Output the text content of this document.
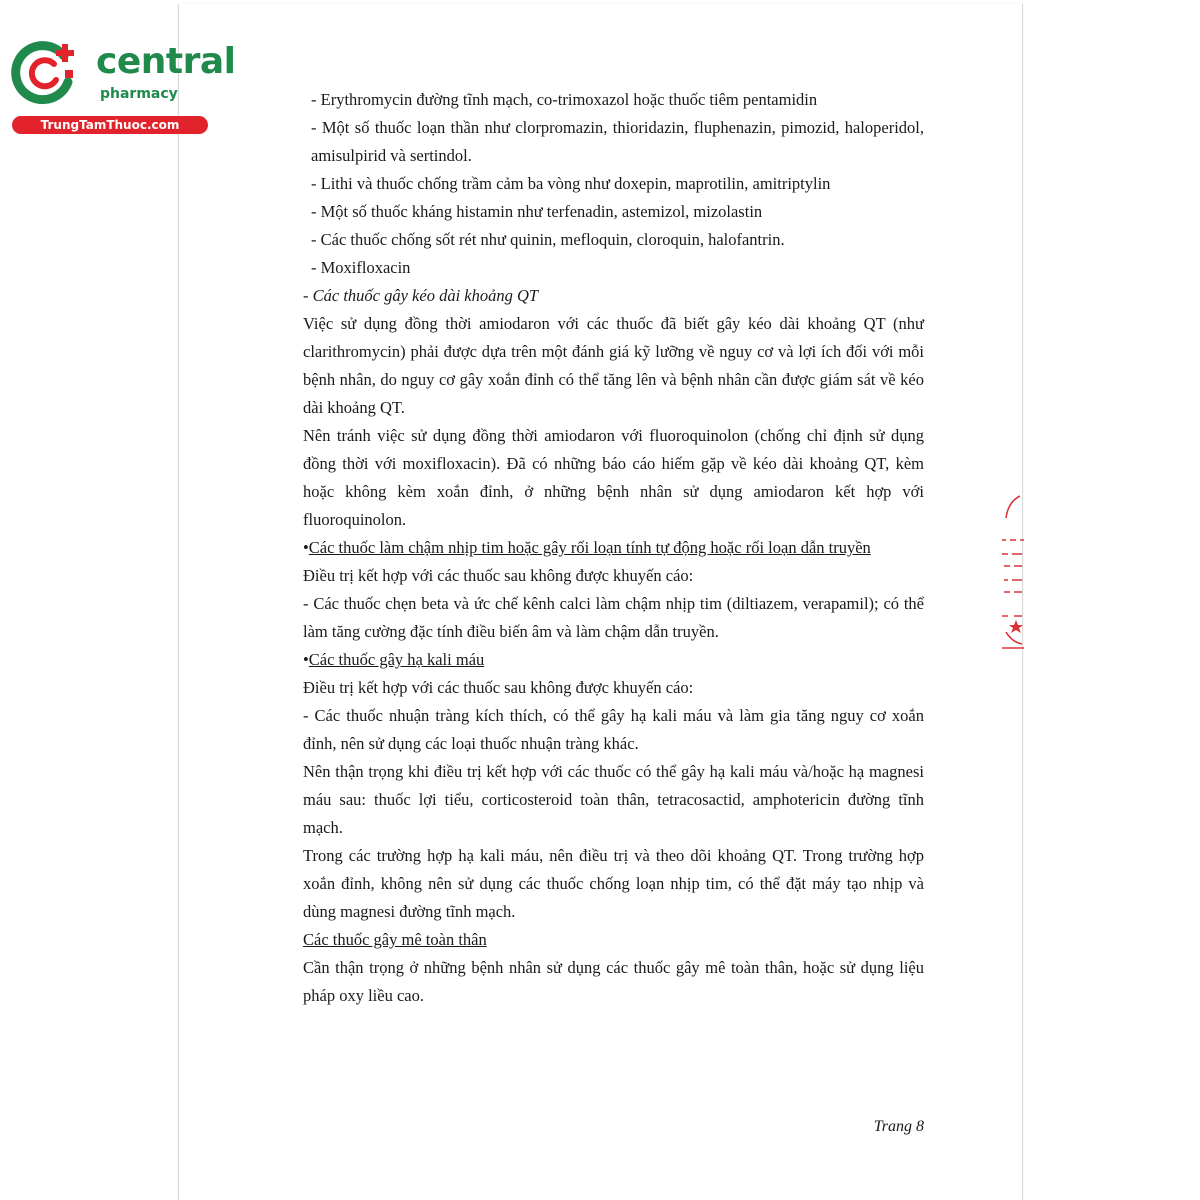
central
pharmacy
TrungTamThuoc.com

- Erythromycin đường tĩnh mạch, co-trimoxazol hoặc thuốc tiêm pentamidin

- Một số thuốc loạn thần như clorpromazin, thioridazin, fluphenazin, pimozid, haloperidol, amisulpirid và sertindol.

- Lithi và thuốc chống trầm cảm ba vòng như doxepin, maprotilin, amitriptylin

- Một số thuốc kháng histamin như terfenadin, astemizol, mizolastin

- Các thuốc chống sốt rét như quinin, mefloquin, cloroquin, halofantrin.

- Moxifloxacin

- Các thuốc gây kéo dài khoảng QT

Việc sử dụng đồng thời amiodaron với các thuốc đã biết gây kéo dài khoảng QT (như clarithromycin) phải được dựa trên một đánh giá kỹ lưỡng về nguy cơ và lợi ích đối với mỗi bệnh nhân, do nguy cơ gây xoắn đỉnh có thể tăng lên và bệnh nhân cần được giám sát về kéo dài khoảng QT.

Nên tránh việc sử dụng đồng thời amiodaron với fluoroquinolon (chống chỉ định sử dụng đồng thời với moxifloxacin). Đã có những báo cáo hiếm gặp về kéo dài khoảng QT, kèm hoặc không kèm xoắn đỉnh, ở những bệnh nhân sử dụng amiodaron kết hợp với fluoroquinolon.

• Các thuốc làm chậm nhịp tim hoặc gây rối loạn tính tự động hoặc rối loạn dẫn truyền

Điều trị kết hợp với các thuốc sau không được khuyến cáo:

- Các thuốc chẹn beta và ức chế kênh calci làm chậm nhịp tim (diltiazem, verapamil); có thể làm tăng cường đặc tính điều biến âm và làm chậm dẫn truyền.

• Các thuốc gây hạ kali máu

Điều trị kết hợp với các thuốc sau không được khuyến cáo:

- Các thuốc nhuận tràng kích thích, có thể gây hạ kali máu và làm gia tăng nguy cơ xoắn đỉnh, nên sử dụng các loại thuốc nhuận tràng khác.

Nên thận trọng khi điều trị kết hợp với các thuốc có thể gây hạ kali máu và/hoặc hạ magnesi máu sau: thuốc lợi tiểu, corticosteroid toàn thân, tetracosactid, amphotericin đường tĩnh mạch.

Trong các trường hợp hạ kali máu, nên điều trị và theo dõi khoảng QT. Trong trường hợp xoắn đỉnh, không nên sử dụng các thuốc chống loạn nhịp tim, có thể đặt máy tạo nhịp và dùng magnesi đường tĩnh mạch.

Các thuốc gây mê toàn thân

Cần thận trọng ở những bệnh nhân sử dụng các thuốc gây mê toàn thân, hoặc sử dụng liệu pháp oxy liều cao.

Trang 8
